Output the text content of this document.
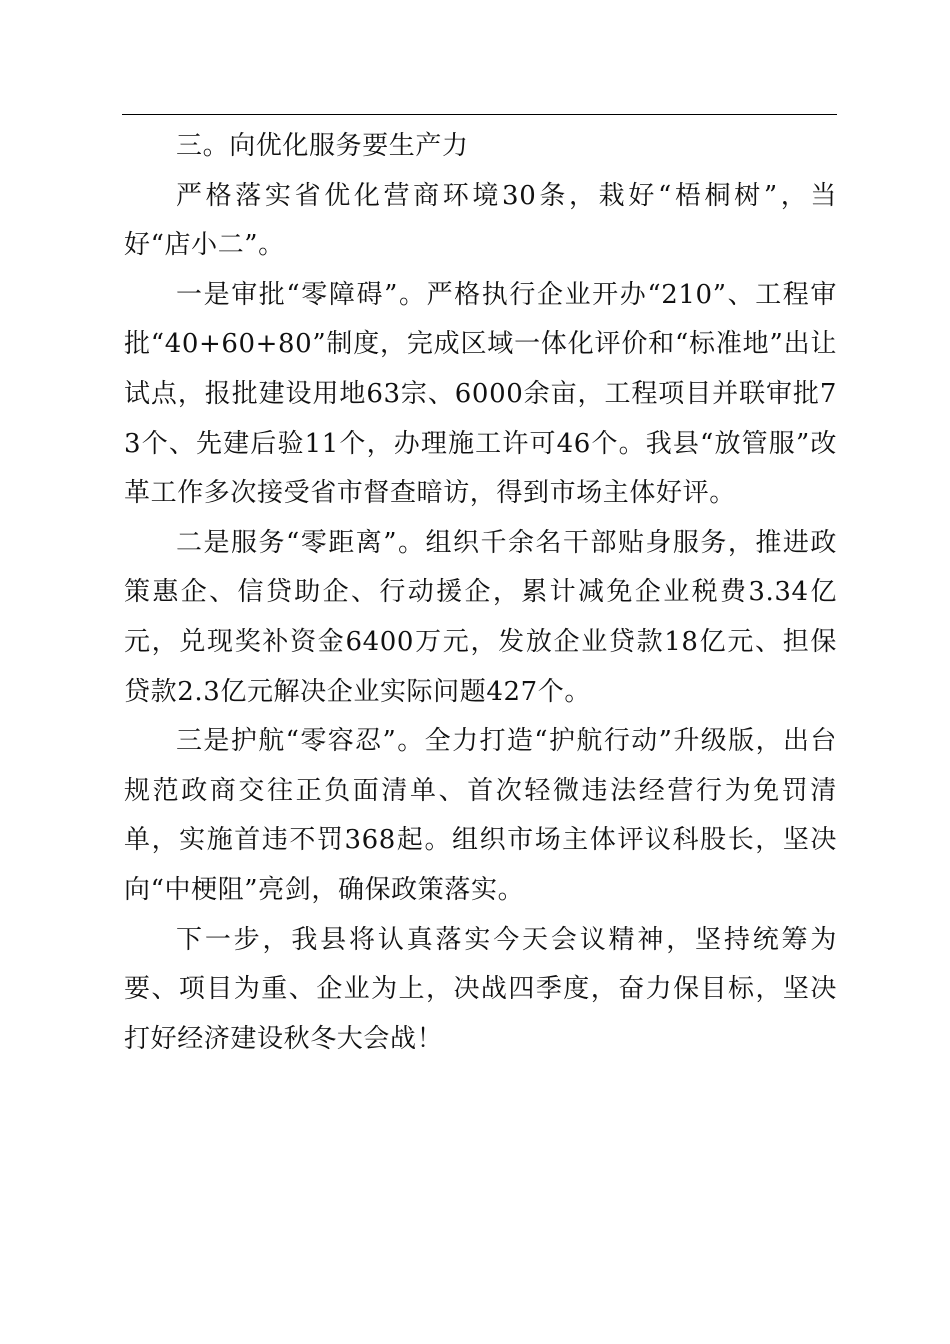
三。向优化服务要生产力

严格落实省优化营商环境30条，栽好“梧桐树”，当好“店小二”。

一是审批“零障碍”。严格执行企业开办“210”、工程审批“40+60+80”制度，完成区域一体化评价和“标准地”出让试点，报批建设用地63宗、6000余亩，工程项目并联审批73个、先建后验11个，办理施工许可46个。我县“放管服”改革工作多次接受省市督查暗访，得到市场主体好评。

二是服务“零距离”。组织千余名干部贴身服务，推进政策惠企、信贷助企、行动援企，累计减免企业税费3.34亿元，兑现奖补资金6400万元，发放企业贷款18亿元、担保贷款2.3亿元解决企业实际问题427个。

三是护航“零容忍”。全力打造“护航行动”升级版，出台规范政商交往正负面清单、首次轻微违法经营行为免罚清单，实施首违不罚368起。组织市场主体评议科股长，坚决向“中梗阻”亮剑，确保政策落实。

下一步，我县将认真落实今天会议精神，坚持统筹为要、项目为重、企业为上，决战四季度，奋力保目标，坚决打好经济建设秋冬大会战！
